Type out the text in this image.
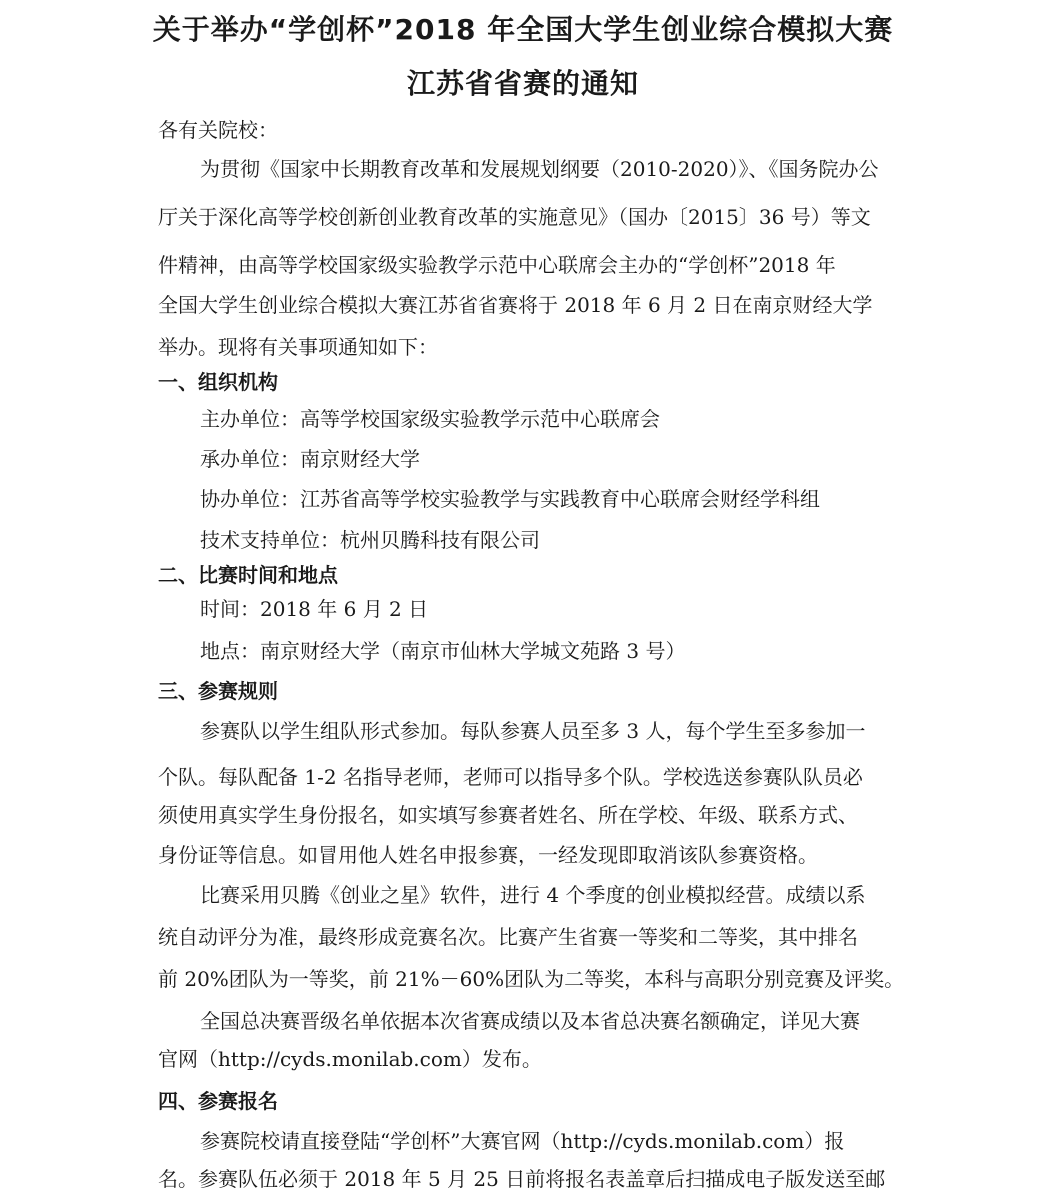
关于举办“学创杯”2018 年全国大学生创业综合模拟大赛
江苏省省赛的通知
各有关院校：
为贯彻《国家中长期教育改革和发展规划纲要（2010-2020）》、《国务院办公
厅关于深化高等学校创新创业教育改革的实施意见》（国办〔2015〕36 号）等文
件精神，由高等学校国家级实验教学示范中心联席会主办的“学创杯”2018 年
全国大学生创业综合模拟大赛江苏省省赛将于 2018 年 6 月 2 日在南京财经大学
举办。现将有关事项通知如下：
一、组织机构
主办单位：高等学校国家级实验教学示范中心联席会
承办单位：南京财经大学
协办单位：江苏省高等学校实验教学与实践教育中心联席会财经学科组
技术支持单位：杭州贝腾科技有限公司
二、比赛时间和地点
时间：2018 年 6 月 2 日
地点：南京财经大学（南京市仙林大学城文苑路 3 号）
三、参赛规则
参赛队以学生组队形式参加。每队参赛人员至多 3 人，每个学生至多参加一
个队。每队配备 1-2 名指导老师，老师可以指导多个队。学校选送参赛队队员必
须使用真实学生身份报名，如实填写参赛者姓名、所在学校、年级、联系方式、
身份证等信息。如冒用他人姓名申报参赛，一经发现即取消该队参赛资格。
比赛采用贝腾《创业之星》软件，进行 4 个季度的创业模拟经营。成绩以系
统自动评分为准，最终形成竞赛名次。比赛产生省赛一等奖和二等奖，其中排名
前 20%团队为一等奖，前 21%－60%团队为二等奖，本科与高职分别竞赛及评奖。
全国总决赛晋级名单依据本次省赛成绩以及本省总决赛名额确定，详见大赛
官网（http://cyds.monilab.com）发布。
四、参赛报名
参赛院校请直接登陆“学创杯”大赛官网（http://cyds.monilab.com）报
名。参赛队伍必须于 2018 年 5 月 25 日前将报名表盖章后扫描成电子版发送至邮
